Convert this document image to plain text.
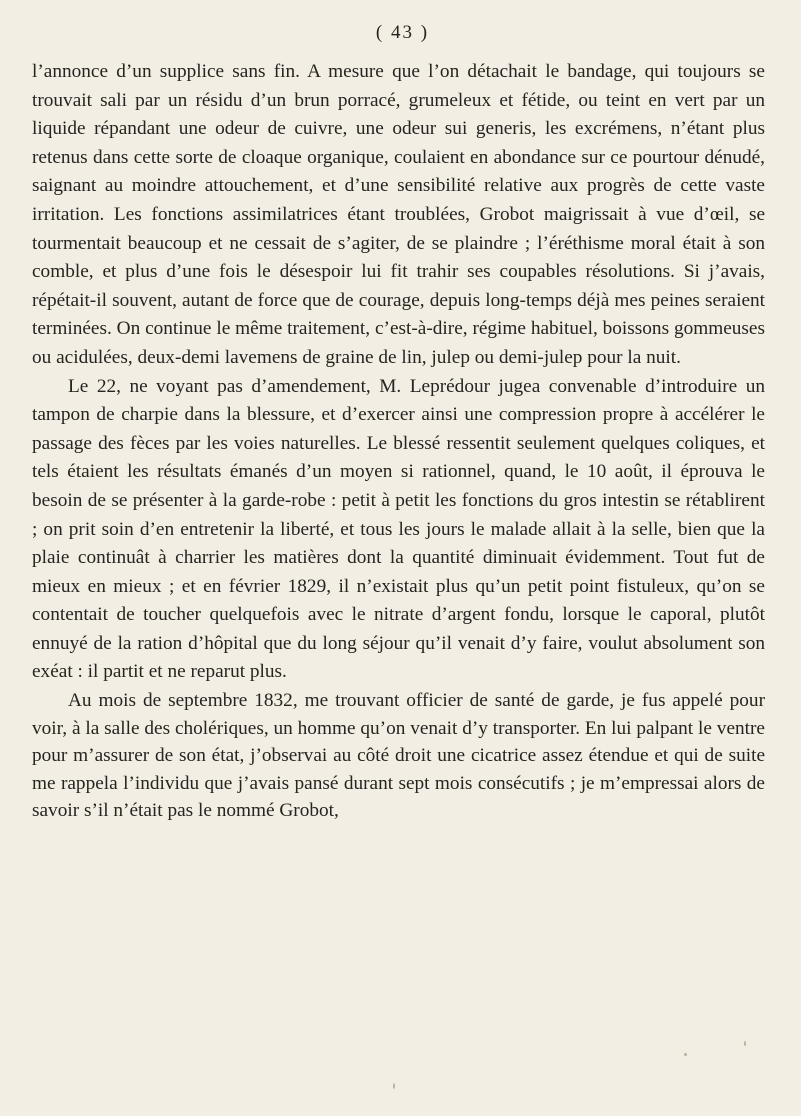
( 43 )

l’annonce d’un supplice sans fin. A mesure que l’on détachait le bandage, qui toujours se trouvait sali par un résidu d’un brun porracé, grumeleux et fétide, ou teint en vert par un liquide répandant une odeur de cuivre, une odeur sui generis, les excrémens, n’étant plus retenus dans cette sorte de cloaque organique, coulaient en abondance sur ce pourtour dénudé, saignant au moindre attouchement, et d’une sensibilité relative aux progrès de cette vaste irritation. Les fonctions assimilatrices étant troublées, Grobot maigrissait à vue d’œil, se tourmentait beaucoup et ne cessait de s’agiter, de se plaindre ; l’éréthisme moral était à son comble, et plus d’une fois le désespoir lui fit trahir ses coupables résolutions. Si j’avais, répétait-il souvent, autant de force que de courage, depuis long-temps déjà mes peines seraient terminées. On continue le même traitement, c’est-à-dire, régime habituel, boissons gommeuses ou acidulées, deux-demi lavemens de graine de lin, julep ou demi-julep pour la nuit.

Le 22, ne voyant pas d’amendement, M. Leprédour jugea convenable d’introduire un tampon de charpie dans la blessure, et d’exercer ainsi une compression propre à accélérer le passage des fèces par les voies naturelles. Le blessé ressentit seulement quelques coliques, et tels étaient les résultats émanés d’un moyen si rationnel, quand, le 10 août, il éprouva le besoin de se présenter à la garde-robe : petit à petit les fonctions du gros intestin se rétablirent ; on prit soin d’en entretenir la liberté, et tous les jours le malade allait à la selle, bien que la plaie continuât à charrier les matières dont la quantité diminuait évidemment. Tout fut de mieux en mieux ; et en février 1829, il n’existait plus qu’un petit point fistuleux, qu’on se contentait de toucher quelquefois avec le nitrate d’argent fondu, lorsque le caporal, plutôt ennuyé de la ration d’hôpital que du long séjour qu’il venait d’y faire, voulut absolument son exéat : il partit et ne reparut plus.

Au mois de septembre 1832, me trouvant officier de santé de garde, je fus appelé pour voir, à la salle des cholériques, un homme qu’on venait d’y transporter. En lui palpant le ventre pour m’assurer de son état, j’observai au côté droit une cicatrice assez étendue et qui de suite me rappela l’individu que j’avais pansé durant sept mois consécutifs ; je m’empressai alors de savoir s’il n’était pas le nommé Grobot,
